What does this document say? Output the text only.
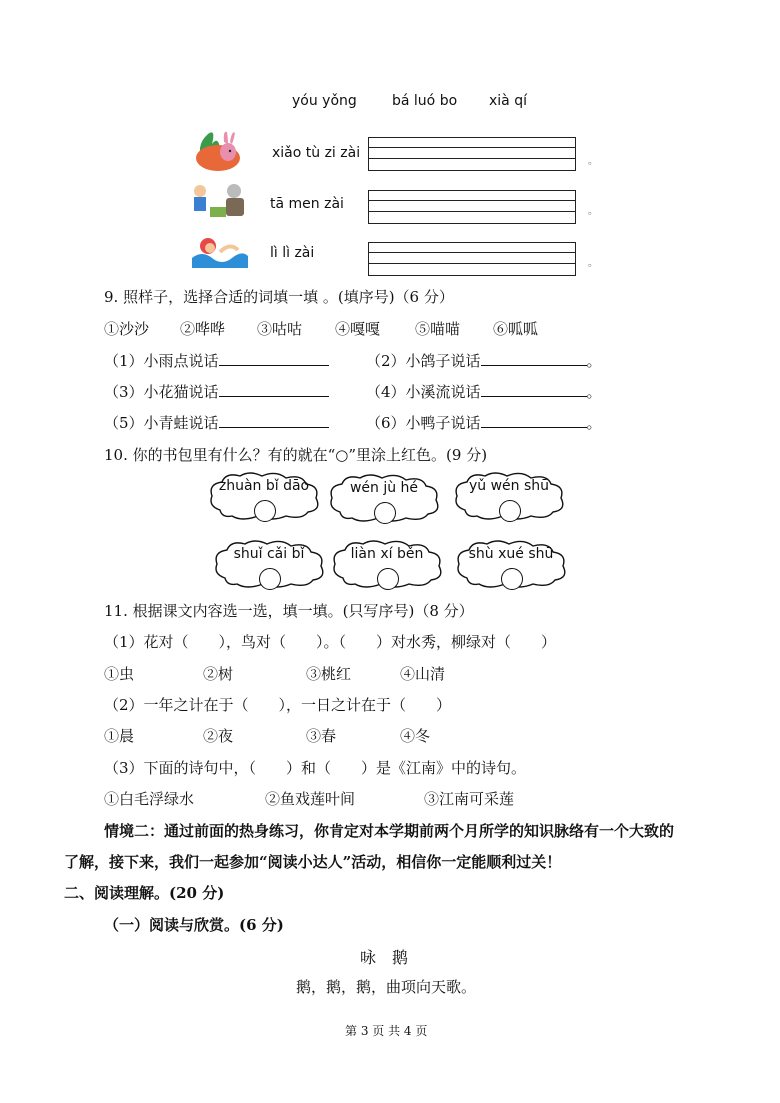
yóu yǒng	bá luó bo xià qí
xiǎo tù zi zài
。
tā men zài	。
lì lì zài
。
9. 照样子，选择合适的词填一填 。(填序号)（6 分）
①沙沙 ②哗哗 ③咕咕 ④嘎嘎 ⑤喵喵 ⑥呱呱
（1）小雨点说话	（2）小鸽子说话	。
（3）小花猫说话	（4）小溪流说话	。
（5）小青蛙说话	（6）小鸭子说话	。
10. 你的书包里有什么？有的就在“○”里涂上红色。(9 分)
zhuàn bǐ dāo	wén jù hé	yǔ wén shū
shuǐ cǎi bǐ	liàn xí běn	shù xué shū
11. 根据课文内容选一选，填一填。(只写序号)（8 分）
（1）花对（　　），鸟对（　　）。（　　）对水秀，柳绿对（　　）
①虫	②树	③桃红	④山清
（2）一年之计在于（　　），一日之计在于（　　）
①晨	②夜	③春	④冬
（3）下面的诗句中，（　　）和（　　）是《江南》中的诗句。
①白毛浮绿水	②鱼戏莲叶间	③江南可采莲
情境二：通过前面的热身练习，你肯定对本学期前两个月所学的知识脉络有一个大致的
了解，接下来，我们一起参加“阅读小达人”活动，相信你一定能顺利过关！
二、阅读理解。(20 分)
（一）阅读与欣赏。(6 分)
咏　鹅
鹅，鹅，鹅，曲项向天歌。
第 3 页 共 4 页
